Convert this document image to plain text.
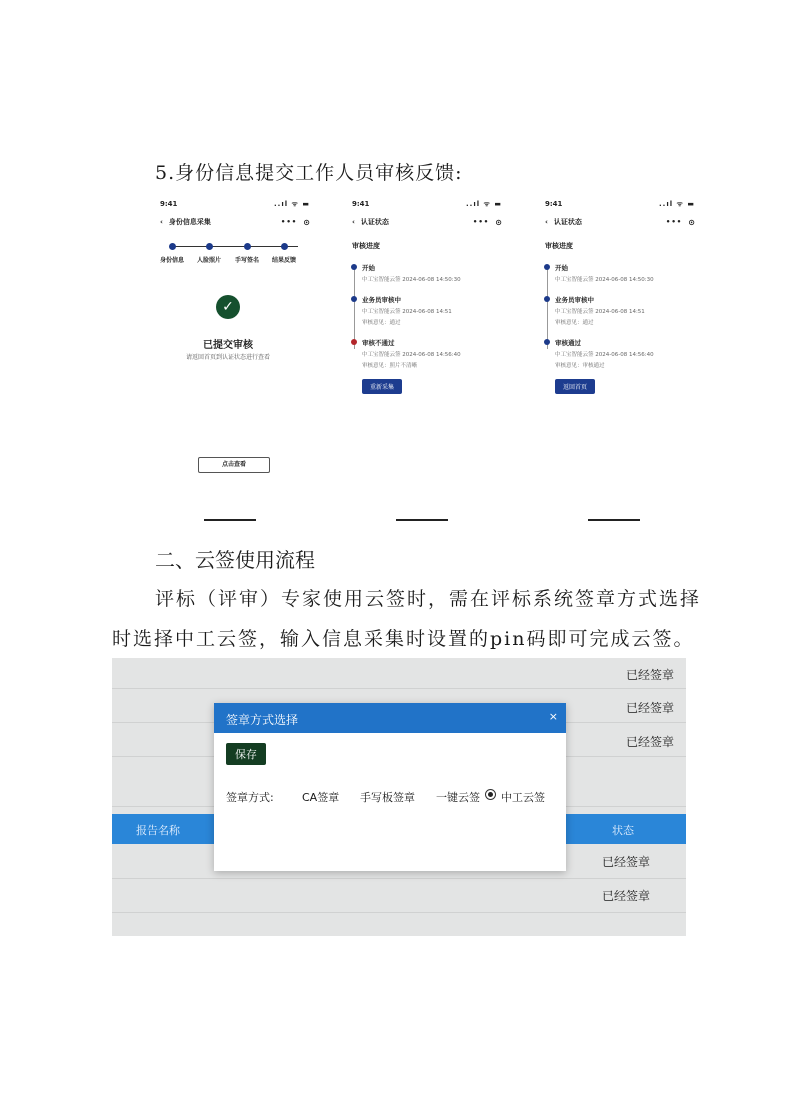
5.身份信息提交工作人员审核反馈:
9:41	..ıl ᯤ ▬
‹ 身份信息采集	••• ⊙
身份信息	人脸照片	手写签名	结果反馈
✓
已提交审核
请返回首页到认证状态进行查看
点击查看
9:41	..ıl ᯤ ▬
‹ 认证状态	••• ⊙
审核进度
开始
中工宝智能云签 2024-06-08 14:50:30
业务员审核中
中工宝智能云签 2024-06-08 14:51
审核意见：通过
审核不通过
中工宝智能云签 2024-06-08 14:56:40
审核意见：照片不清晰
重新采集
9:41	..ıl ᯤ ▬
‹ 认证状态	••• ⊙
审核进度
开始
中工宝智能云签 2024-06-08 14:50:30
业务员审核中
中工宝智能云签 2024-06-08 14:51
审核意见：通过
审核通过
中工宝智能云签 2024-06-08 14:56:40
审核意见：审核通过
返回首页
二、云签使用流程
评标（评审）专家使用云签时，需在评标系统签章方式选择
时选择中工云签，输入信息采集时设置的pin码即可完成云签。
已经签章
已经签章
已经签章
报告名称	状态
已经签章
已经签章
签章方式选择	×
保存
签章方式:	CA签章 手写板签章 一键云签 中工云签
